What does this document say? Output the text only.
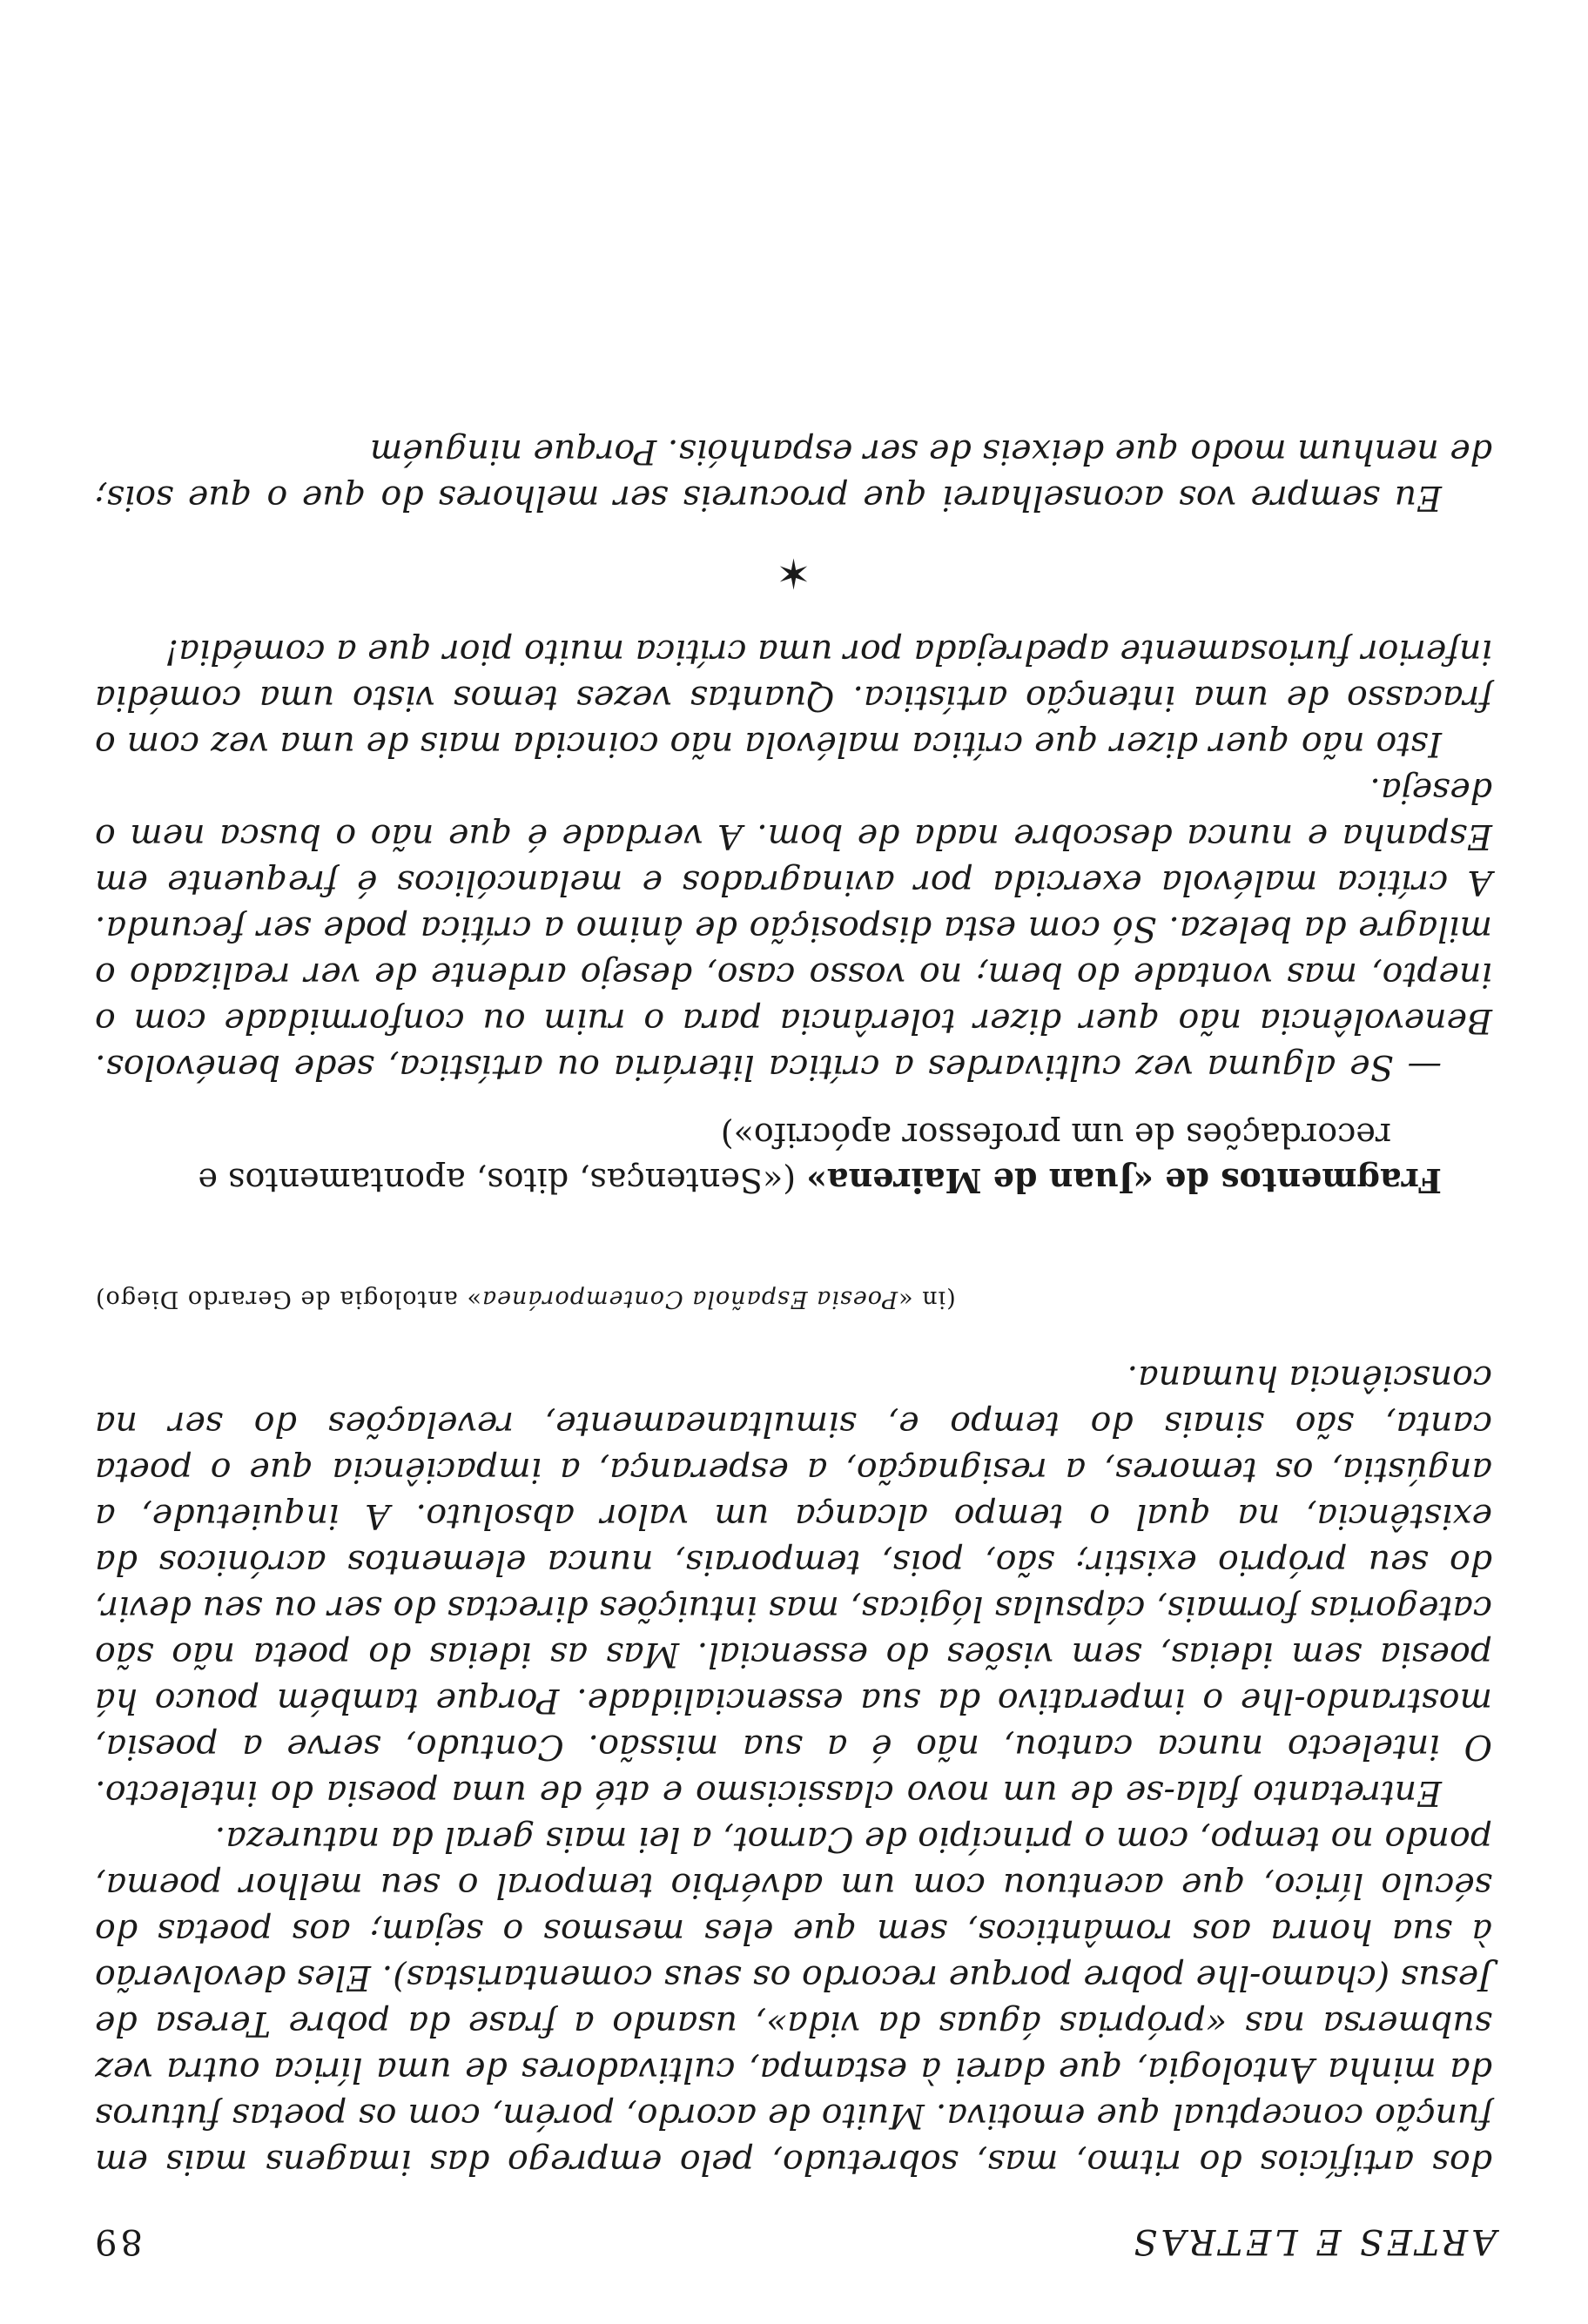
ARTES E LETRAS
89

dos artifícios do ritmo, mas, sobretudo, pelo emprego das imagens mais em função conceptual que emotiva. Muito de acordo, porém, com os poetas futuros da minha Antologia, que darei à estampa, cultivadores de uma lírica outra vez submersa nas «próprias águas da vida», usando a frase da pobre Teresa de Jesus (chamo-lhe pobre porque recordo os seus comentaristas). Eles devolverão à sua honra aos românticos, sem que eles mesmos o sejam; aos poetas do século lírico, que acentuou com um advérbio temporal o seu melhor poema, pondo no tempo, com o princípio de Carnot, a lei mais geral da natureza.

Entretanto fala-se de um novo classicismo e até de uma poesia do intelecto. O intelecto nunca cantou, não é a sua missão. Contudo, serve a poesia, mostrando-lhe o imperativo da sua essencialidade. Porque também pouco há poesia sem ideias, sem visões do essencial. Mas as ideias do poeta não são categorias formais, cápsulas lógicas, mas intuições directas do ser ou seu devir, do seu próprio existir; são, pois, temporais, nunca elementos acrónicos da existência, na qual o tempo alcança um valor absoluto. A inquietude, a angústia, os temores, a resignação, a esperança, a impaciência que o poeta canta, são sinais do tempo e, simultaneamente, revelações do ser na consciência humana.

(in «Poesia Española Contemporánea» antologia de Gerardo Diego)

Fragmentos de «Juan de Mairena» («Sentenças, ditos, apontamentos e recordações de um professor apócrifo»)

— Se alguma vez cultivardes a crítica literária ou artística, sede benévolos. Benevolência não quer dizer tolerância para o ruim ou conformidade com o inepto, mas vontade do bem; no vosso caso, desejo ardente de ver realizado o milagre da beleza. Só com esta disposição de ânimo a crítica pode ser fecunda. A crítica malévola exercida por avinagrados e melancólicos é frequente em Espanha e nunca descobre nada de bom. A verdade é que não o busca nem o deseja.

Isto não quer dizer que crítica malévola não coincida mais de uma vez com o fracasso de uma intenção artística. Quantas vezes temos visto uma comédia inferior furiosamente apedrejada por uma crítica muito pior que a comédia!

✶

Eu sempre vos aconselharei que procureis ser melhores do que o que sois; de nenhum modo que deixeis de ser espanhóis. Porque ninguém
